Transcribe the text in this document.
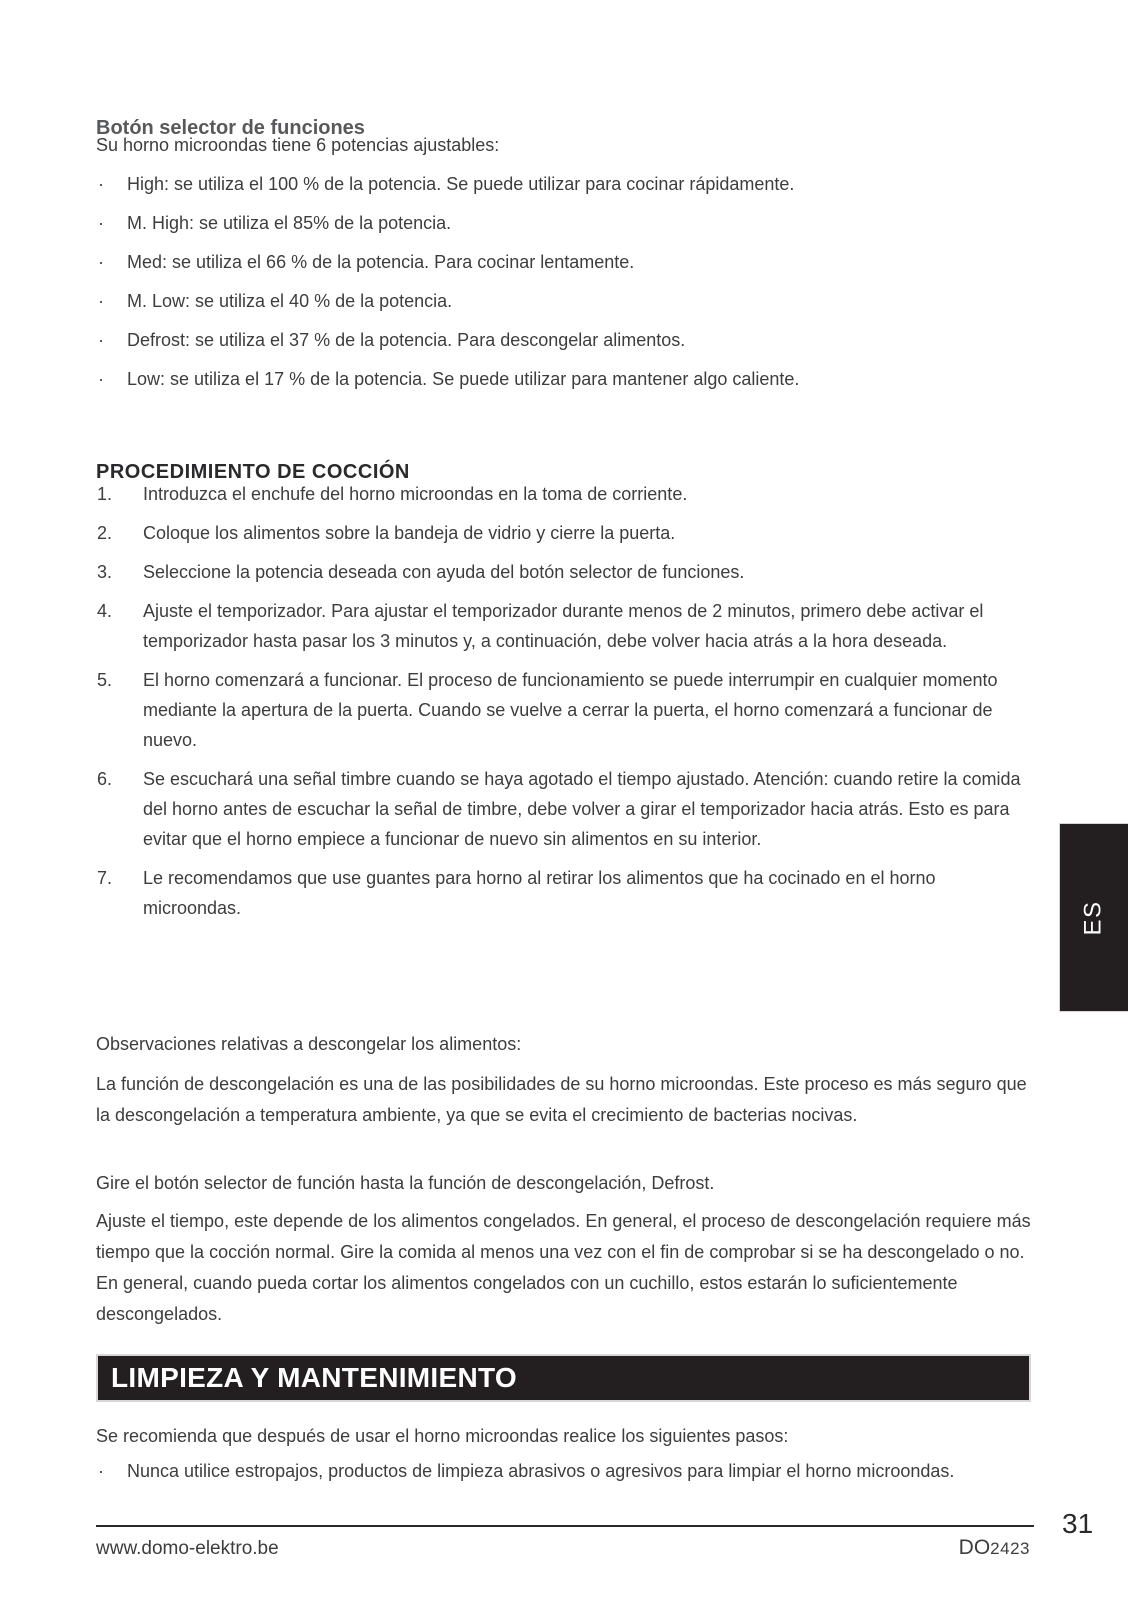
Botón selector de funciones

Su horno microondas tiene 6 potencias ajustables:

· High: se utiliza el 100 % de la potencia. Se puede utilizar para cocinar rápidamente.
· M. High: se utiliza el 85% de la potencia.
· Med: se utiliza el 66 % de la potencia. Para cocinar lentamente.
· M. Low: se utiliza el 40 % de la potencia.
· Defrost: se utiliza el 37 % de la potencia. Para descongelar alimentos.
· Low: se utiliza el 17 % de la potencia. Se puede utilizar para mantener algo caliente.
PROCEDIMIENTO DE COCCIÓN
1. Introduzca el enchufe del horno microondas en la toma de corriente.
2. Coloque los alimentos sobre la bandeja de vidrio y cierre la puerta.
3. Seleccione la potencia deseada con ayuda del botón selector de funciones.
4. Ajuste el temporizador. Para ajustar el temporizador durante menos de 2 minutos, primero debe activar el temporizador hasta pasar los 3 minutos y, a continuación, debe volver hacia atrás a la hora deseada.
5. El horno comenzará a funcionar. El proceso de funcionamiento se puede interrumpir en cualquier momento mediante la apertura de la puerta. Cuando se vuelve a cerrar la puerta, el horno comenzará a funcionar de nuevo.
6. Se escuchará una señal timbre cuando se haya agotado el tiempo ajustado. Atención: cuando retire la comida del horno antes de escuchar la señal de timbre, debe volver a girar el temporizador hacia atrás. Esto es para evitar que el horno empiece a funcionar de nuevo sin alimentos en su interior.
7. Le recomendamos que use guantes para horno al retirar los alimentos que ha cocinado en el horno microondas.

Observaciones relativas a descongelar los alimentos:

La función de descongelación es una de las posibilidades de su horno microondas. Este proceso es más seguro que la descongelación a temperatura ambiente, ya que se evita el crecimiento de bacterias nocivas.

Gire el botón selector de función hasta la función de descongelación, Defrost.

Ajuste el tiempo, este depende de los alimentos congelados. En general, el proceso de descongelación requiere más tiempo que la cocción normal. Gire la comida al menos una vez con el fin de comprobar si se ha descongelado o no. En general, cuando pueda cortar los alimentos congelados con un cuchillo, estos estarán lo suficientemente descongelados.

LIMPIEZA Y MANTENIMIENTO

Se recomienda que después de usar el horno microondas realice los siguientes pasos:

· Nunca utilice estropajos, productos de limpieza abrasivos o agresivos para limpiar el horno microondas.
ES
31
www.domo-elektro.be	DO2423
